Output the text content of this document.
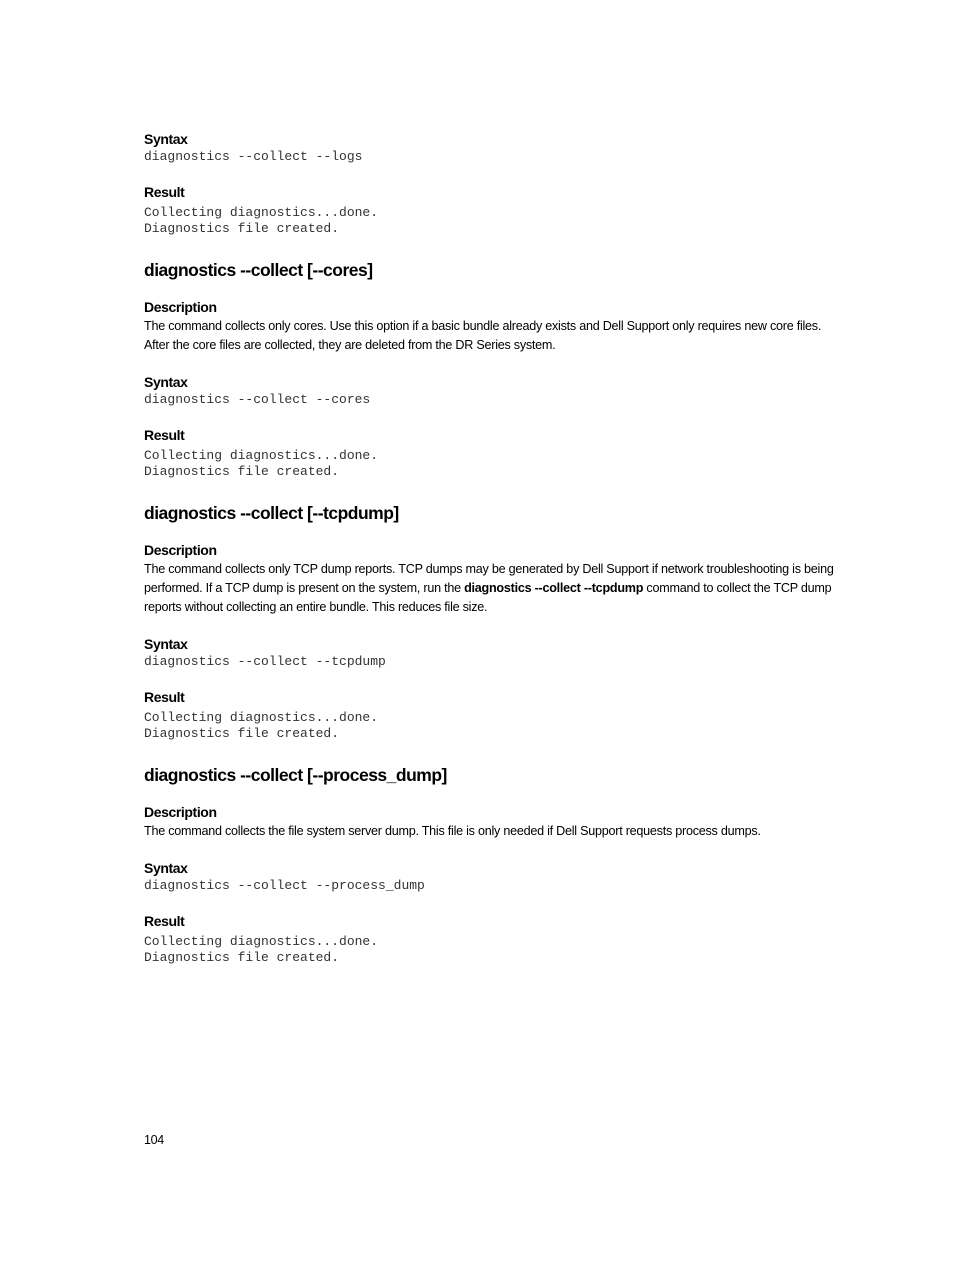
Syntax

diagnostics --collect --logs

Result

Collecting diagnostics...done.
Diagnostics file created.
diagnostics --collect [--cores]

Description

The command collects only cores. Use this option if a basic bundle already exists and Dell Support only requires new core files. After the core files are collected, they are deleted from the DR Series system.

Syntax

diagnostics --collect --cores

Result

Collecting diagnostics...done.
Diagnostics file created.
diagnostics --collect [--tcpdump]

Description

The command collects only TCP dump reports. TCP dumps may be generated by Dell Support if network troubleshooting is being performed. If a TCP dump is present on the system, run the diagnostics --collect --tcpdump command to collect the TCP dump reports without collecting an entire bundle. This reduces file size.

Syntax

diagnostics --collect --tcpdump

Result

Collecting diagnostics...done.
Diagnostics file created.
diagnostics --collect [--process_dump]

Description

The command collects the file system server dump. This file is only needed if Dell Support requests process dumps.

Syntax

diagnostics --collect --process_dump

Result

Collecting diagnostics...done.
Diagnostics file created.
104
